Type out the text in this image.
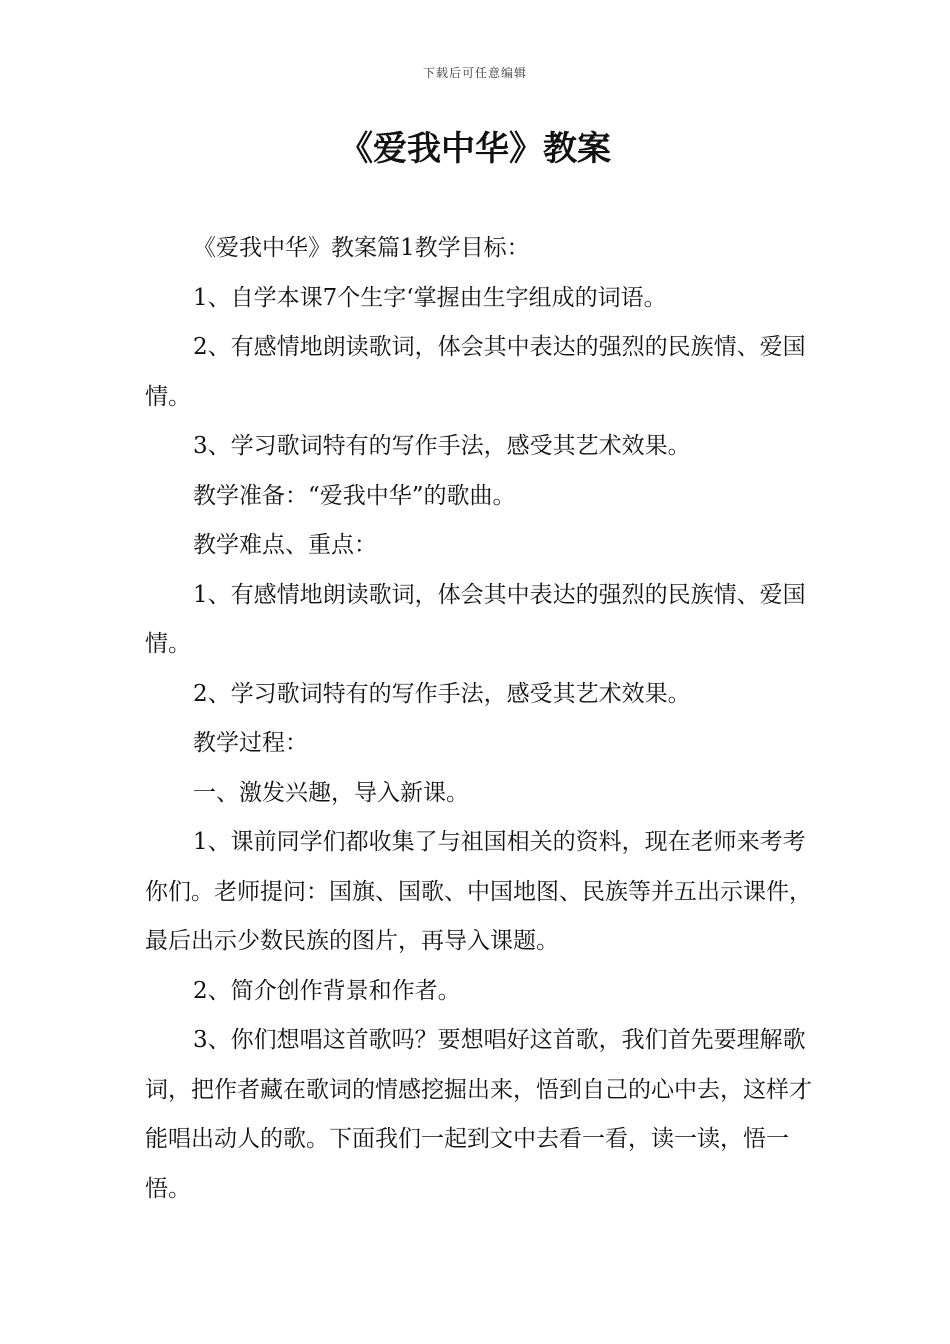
下载后可任意编辑
《爱我中华》教案

《爱我中华》教案篇1教学目标：

1、自学本课7个生字‘掌握由生字组成的词语。

2、有感情地朗读歌词，体会其中表达的强烈的民族情、爱国情。

3、学习歌词特有的写作手法，感受其艺术效果。

教学准备：“爱我中华”的歌曲。

教学难点、重点：

1、有感情地朗读歌词，体会其中表达的强烈的民族情、爱国情。

2、学习歌词特有的写作手法，感受其艺术效果。

教学过程：

一、激发兴趣，导入新课。

1、课前同学们都收集了与祖国相关的资料，现在老师来考考你们。老师提问：国旗、国歌、中国地图、民族等并五出示课件，最后出示少数民族的图片，再导入课题。

2、简介创作背景和作者。

3、你们想唱这首歌吗？要想唱好这首歌，我们首先要理解歌词，把作者藏在歌词的情感挖掘出来，悟到自己的心中去，这样才能唱出动人的歌。下面我们一起到文中去看一看，读一读，悟一悟。
